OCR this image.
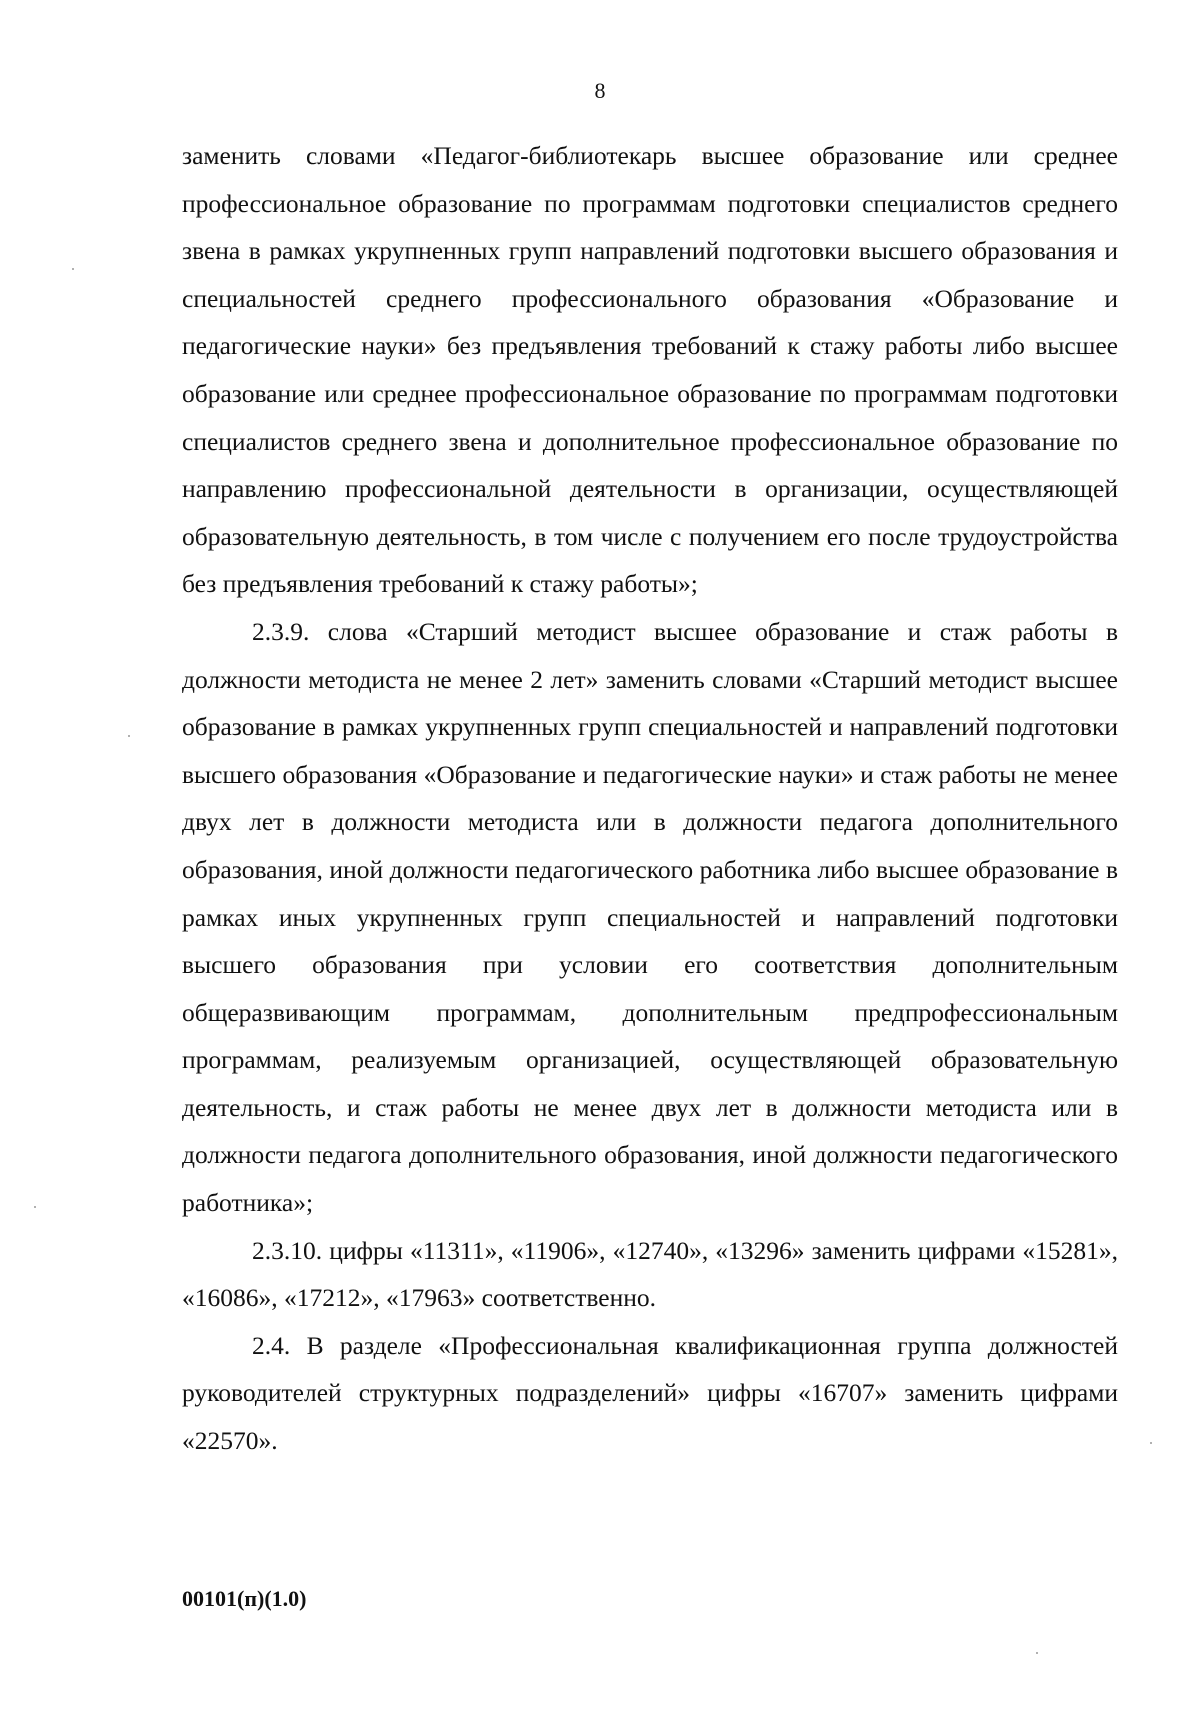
8

заменить словами «Педагог-библиотекарь высшее образование или среднее профессиональное образование по программам подготовки специалистов среднего звена в рамках укрупненных групп направлений подготовки высшего образования и специальностей среднего профессионального образования «Образование и педагогические науки» без предъявления требований к стажу работы либо высшее образование или среднее профессиональное образование по программам подготовки специалистов среднего звена и дополнительное профессиональное образование по направлению профессиональной деятельности в организации, осуществляющей образовательную деятельность, в том числе с получением его после трудоустройства без предъявления требований к стажу работы»;

2.3.9. слова «Старший методист высшее образование и стаж работы в должности методиста не менее 2 лет» заменить словами «Старший методист высшее образование в рамках укрупненных групп специальностей и направлений подготовки высшего образования «Образование и педагогические науки» и стаж работы не менее двух лет в должности методиста или в должности педагога дополнительного образования, иной должности педагогического работника либо высшее образование в рамках иных укрупненных групп специальностей и направлений подготовки высшего образования при условии его соответствия дополнительным общеразвивающим программам, дополнительным предпрофессиональным программам, реализуемым организацией, осуществляющей образовательную деятельность, и стаж работы не менее двух лет в должности методиста или в должности педагога дополнительного образования, иной должности педагогического работника»;

2.3.10. цифры «11311», «11906», «12740», «13296» заменить цифрами «15281», «16086», «17212», «17963» соответственно.

2.4. В разделе «Профессиональная квалификационная группа должностей руководителей структурных подразделений» цифры «16707» заменить цифрами «22570».

00101(п)(1.0)
